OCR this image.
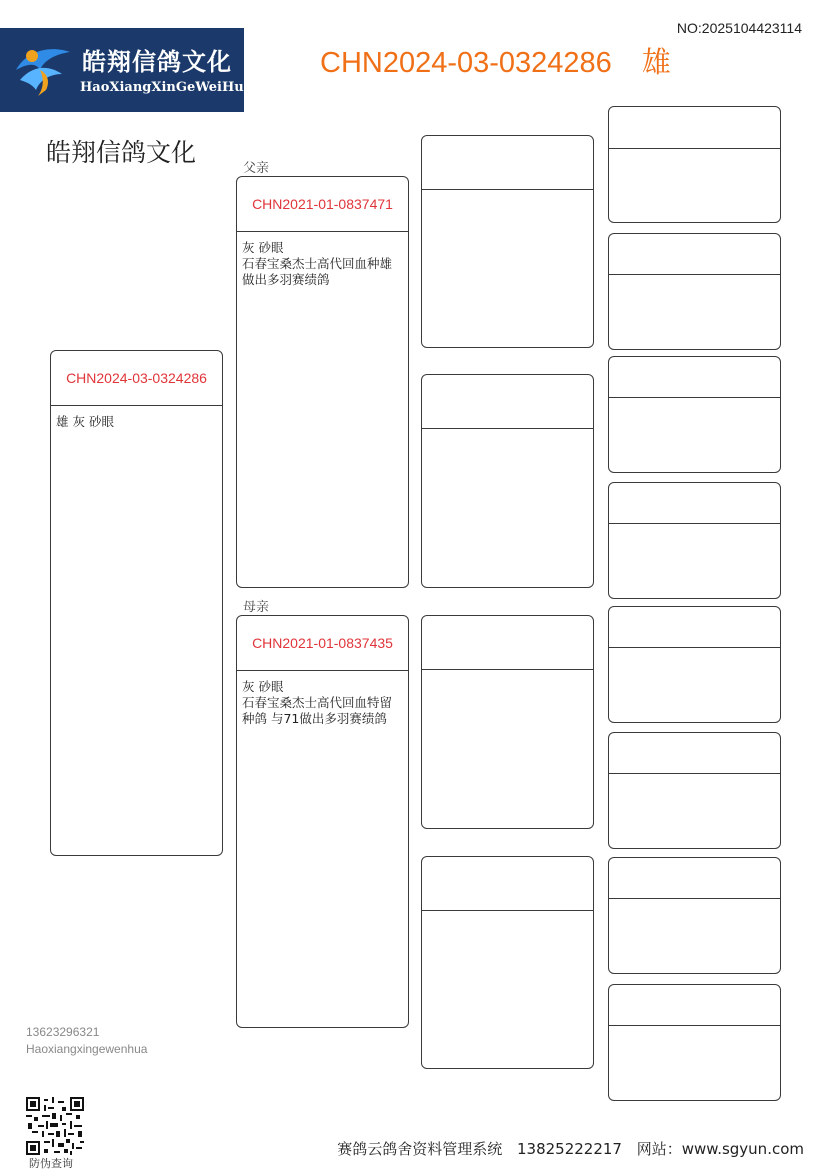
皓翔信鸽文化
HaoXiangXinGeWeiHua
NO:2025104423114
CHN2024-03-0324286 雄
皓翔信鸽文化
CHN2024-03-0324286
雄 灰 砂眼
父亲
CHN2021-01-0837471
灰 砂眼
石春宝桑杰士高代回血种雄
做出多羽赛绩鸽
母亲
CHN2021-01-0837435
灰 砂眼
石春宝桑杰士高代回血特留
种鸽 与71做出多羽赛绩鸽
13623296321
Haoxiangxingewenhua
防伪查询
赛鸽云鸽舍资料管理系统 13825222217 网站：www.sgyun.com
